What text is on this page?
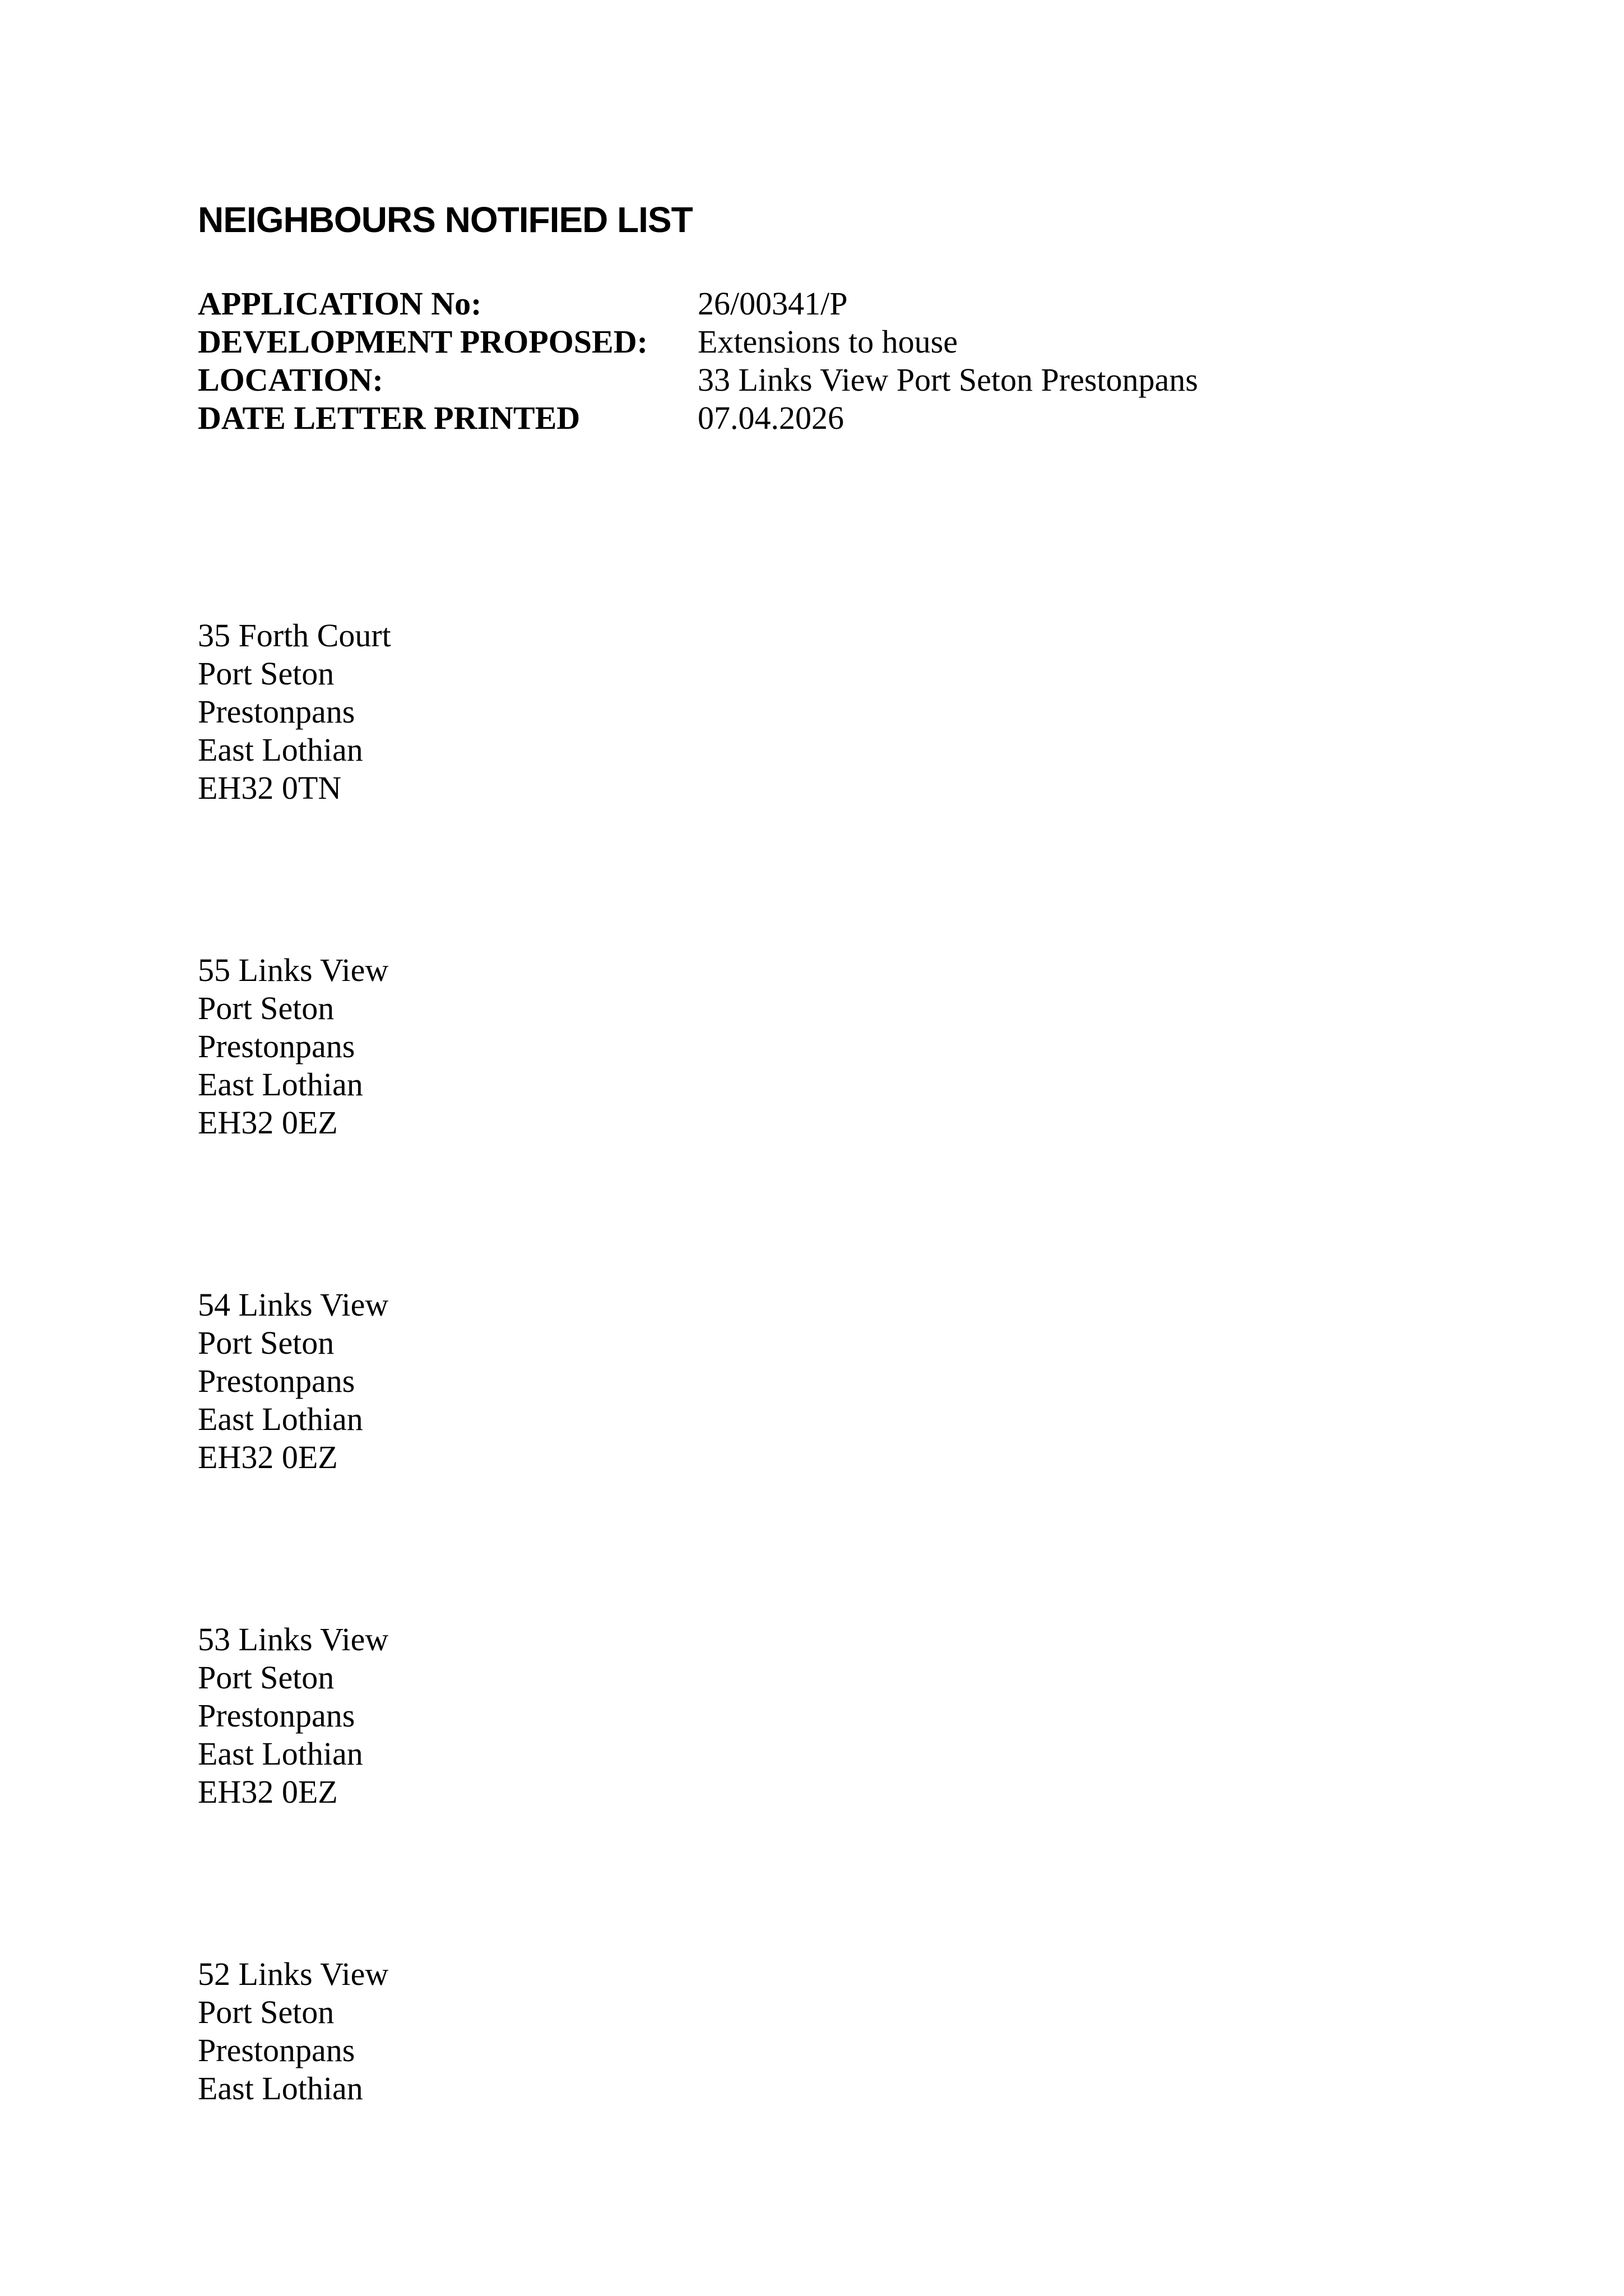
NEIGHBOURS NOTIFIED LIST
APPLICATION No:	26/00341/P
DEVELOPMENT PROPOSED:	Extensions to house
LOCATION:	33 Links View Port Seton Prestonpans
DATE LETTER PRINTED	07.04.2026
35 Forth Court
Port Seton
Prestonpans
East Lothian
EH32 0TN
55 Links View
Port Seton
Prestonpans
East Lothian
EH32 0EZ
54 Links View
Port Seton
Prestonpans
East Lothian
EH32 0EZ
53 Links View
Port Seton
Prestonpans
East Lothian
EH32 0EZ
52 Links View
Port Seton
Prestonpans
East Lothian
